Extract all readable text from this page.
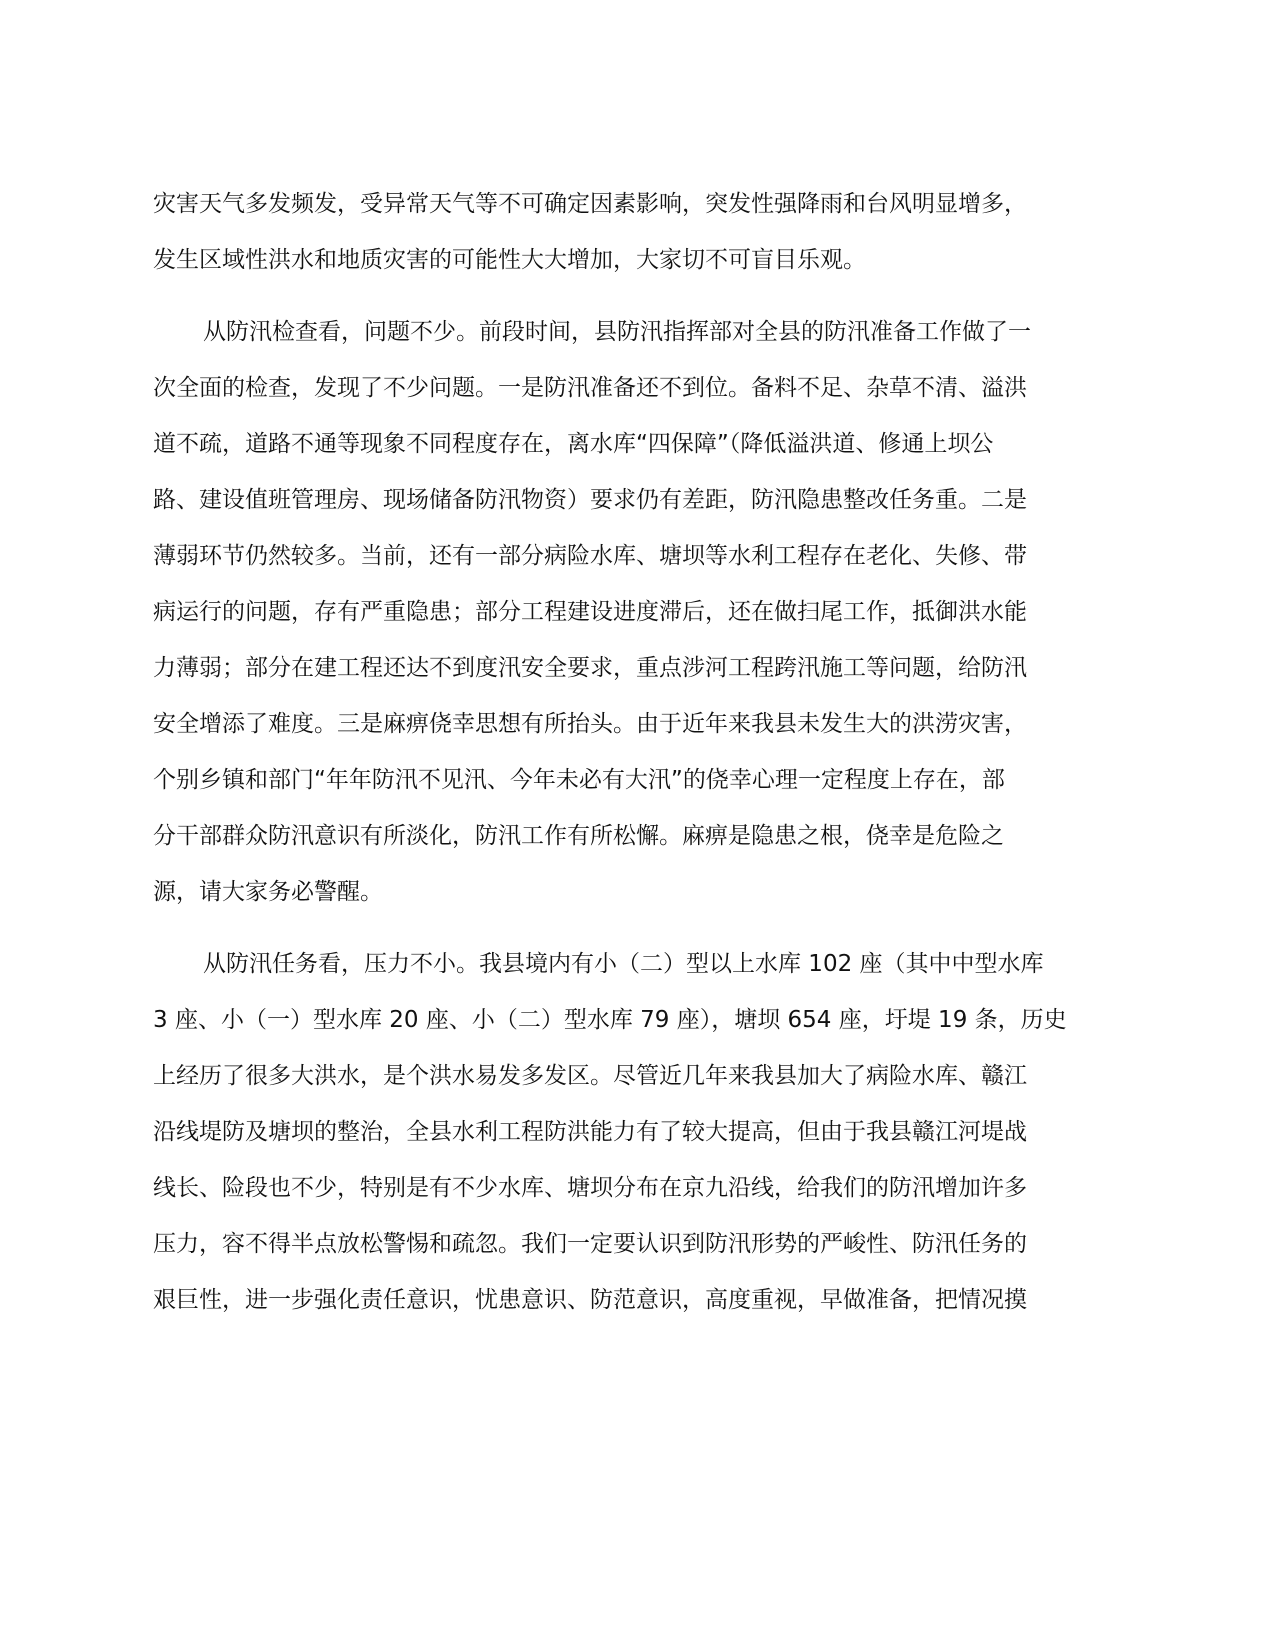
灾害天气多发频发，受异常天气等不可确定因素影响，突发性强降雨和台风明显增多，
发生区域性洪水和地质灾害的可能性大大增加，大家切不可盲目乐观。
从防汛检查看，问题不少。前段时间，县防汛指挥部对全县的防汛准备工作做了一
次全面的检查，发现了不少问题。一是防汛准备还不到位。备料不足、杂草不清、溢洪
道不疏，道路不通等现象不同程度存在，离水库“四保障”（降低溢洪道、修通上坝公
路、建设值班管理房、现场储备防汛物资）要求仍有差距，防汛隐患整改任务重。二是
薄弱环节仍然较多。当前，还有一部分病险水库、塘坝等水利工程存在老化、失修、带
病运行的问题，存有严重隐患；部分工程建设进度滞后，还在做扫尾工作，抵御洪水能
力薄弱；部分在建工程还达不到度汛安全要求，重点涉河工程跨汛施工等问题，给防汛
安全增添了难度。三是麻痹侥幸思想有所抬头。由于近年来我县未发生大的洪涝灾害，
个别乡镇和部门“年年防汛不见汛、今年未必有大汛”的侥幸心理一定程度上存在，部
分干部群众防汛意识有所淡化，防汛工作有所松懈。麻痹是隐患之根，侥幸是危险之
源，请大家务必警醒。
从防汛任务看，压力不小。我县境内有小（二）型以上水库 102 座（其中中型水库
3 座、小（一）型水库 20 座、小（二）型水库 79 座），塘坝 654 座，圩堤 19 条，历史
上经历了很多大洪水，是个洪水易发多发区。尽管近几年来我县加大了病险水库、赣江
沿线堤防及塘坝的整治，全县水利工程防洪能力有了较大提高，但由于我县赣江河堤战
线长、险段也不少，特别是有不少水库、塘坝分布在京九沿线，给我们的防汛增加许多
压力，容不得半点放松警惕和疏忽。我们一定要认识到防汛形势的严峻性、防汛任务的
艰巨性，进一步强化责任意识，忧患意识、防范意识，高度重视，早做准备，把情况摸
